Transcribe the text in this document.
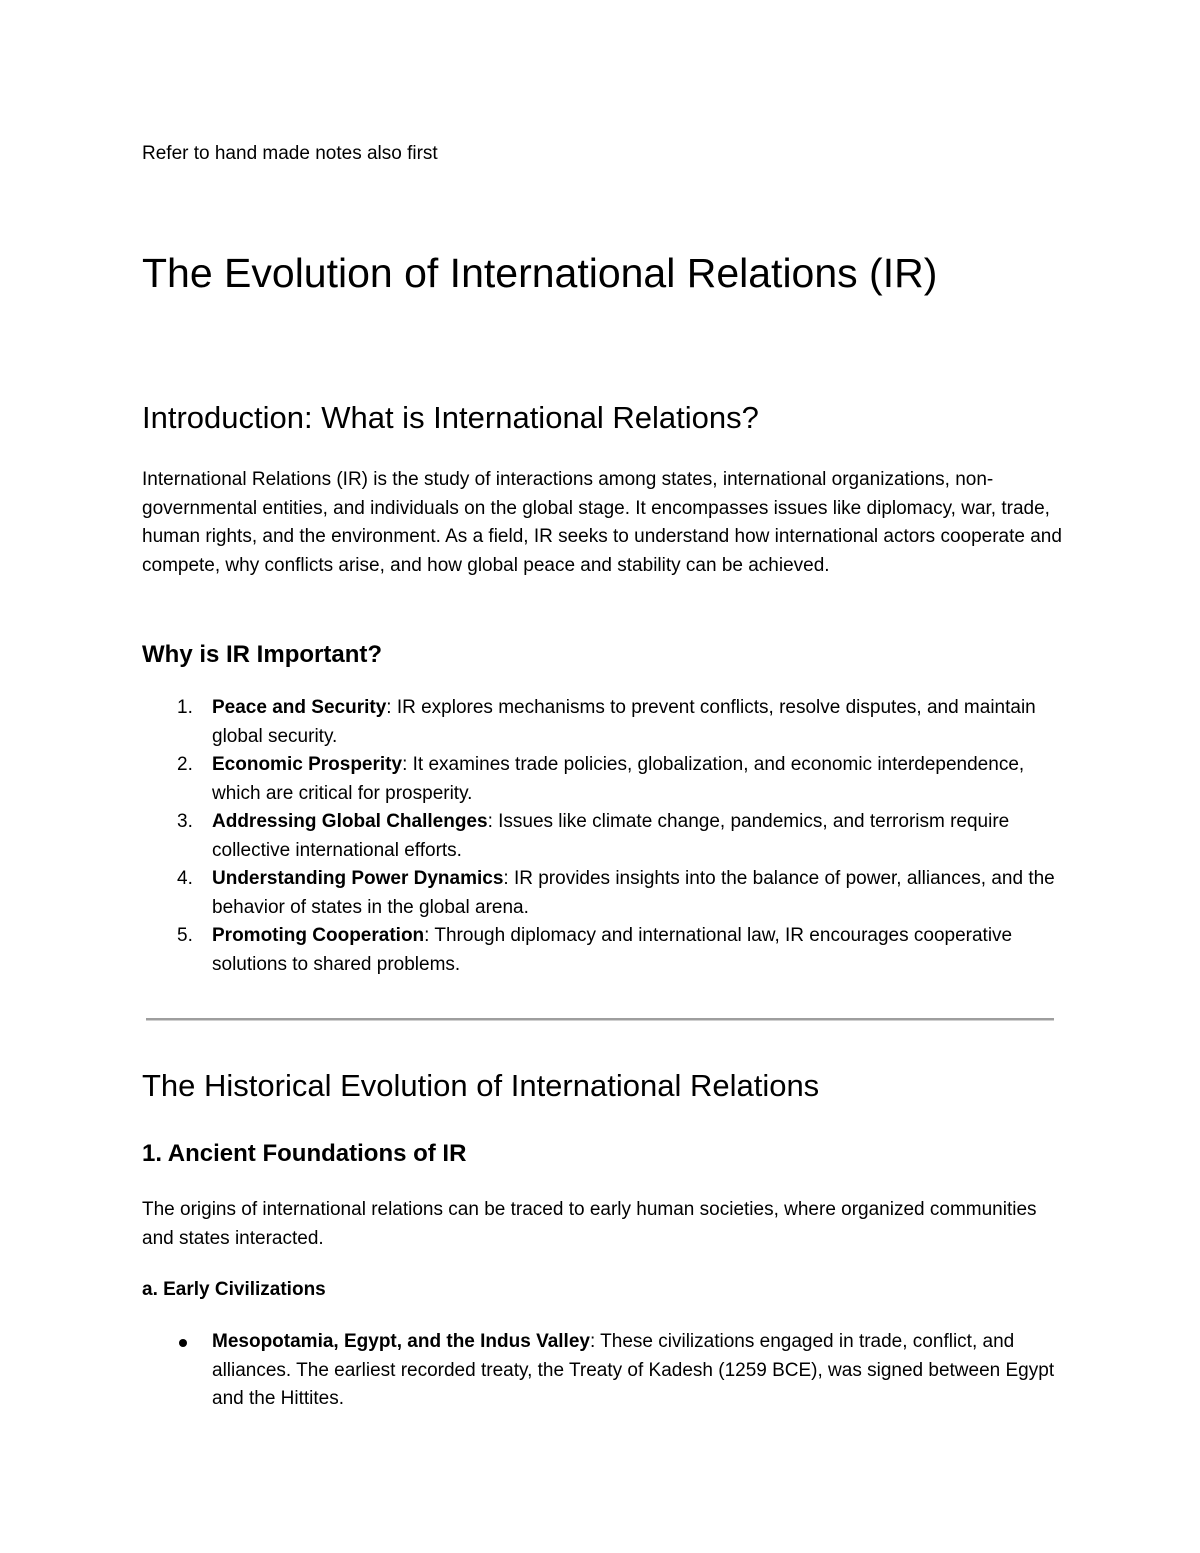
Refer to hand made notes also first

The Evolution of International Relations (IR)
Introduction: What is International Relations?

International Relations (IR) is the study of interactions among states, international organizations, non-governmental entities, and individuals on the global stage. It encompasses issues like diplomacy, war, trade, human rights, and the environment. As a field, IR seeks to understand how international actors cooperate and compete, why conflicts arise, and how global peace and stability can be achieved.

Why is IR Important?
1. Peace and Security: IR explores mechanisms to prevent conflicts, resolve disputes, and maintain global security.
2. Economic Prosperity: It examines trade policies, globalization, and economic interdependence, which are critical for prosperity.
3. Addressing Global Challenges: Issues like climate change, pandemics, and terrorism require collective international efforts.
4. Understanding Power Dynamics: IR provides insights into the balance of power, alliances, and the behavior of states in the global arena.
5. Promoting Cooperation: Through diplomacy and international law, IR encourages cooperative solutions to shared problems.
The Historical Evolution of International Relations
1. Ancient Foundations of IR

The origins of international relations can be traced to early human societies, where organized communities and states interacted.

a. Early Civilizations
Mesopotamia, Egypt, and the Indus Valley: These civilizations engaged in trade, conflict, and alliances. The earliest recorded treaty, the Treaty of Kadesh (1259 BCE), was signed between Egypt and the Hittites.
